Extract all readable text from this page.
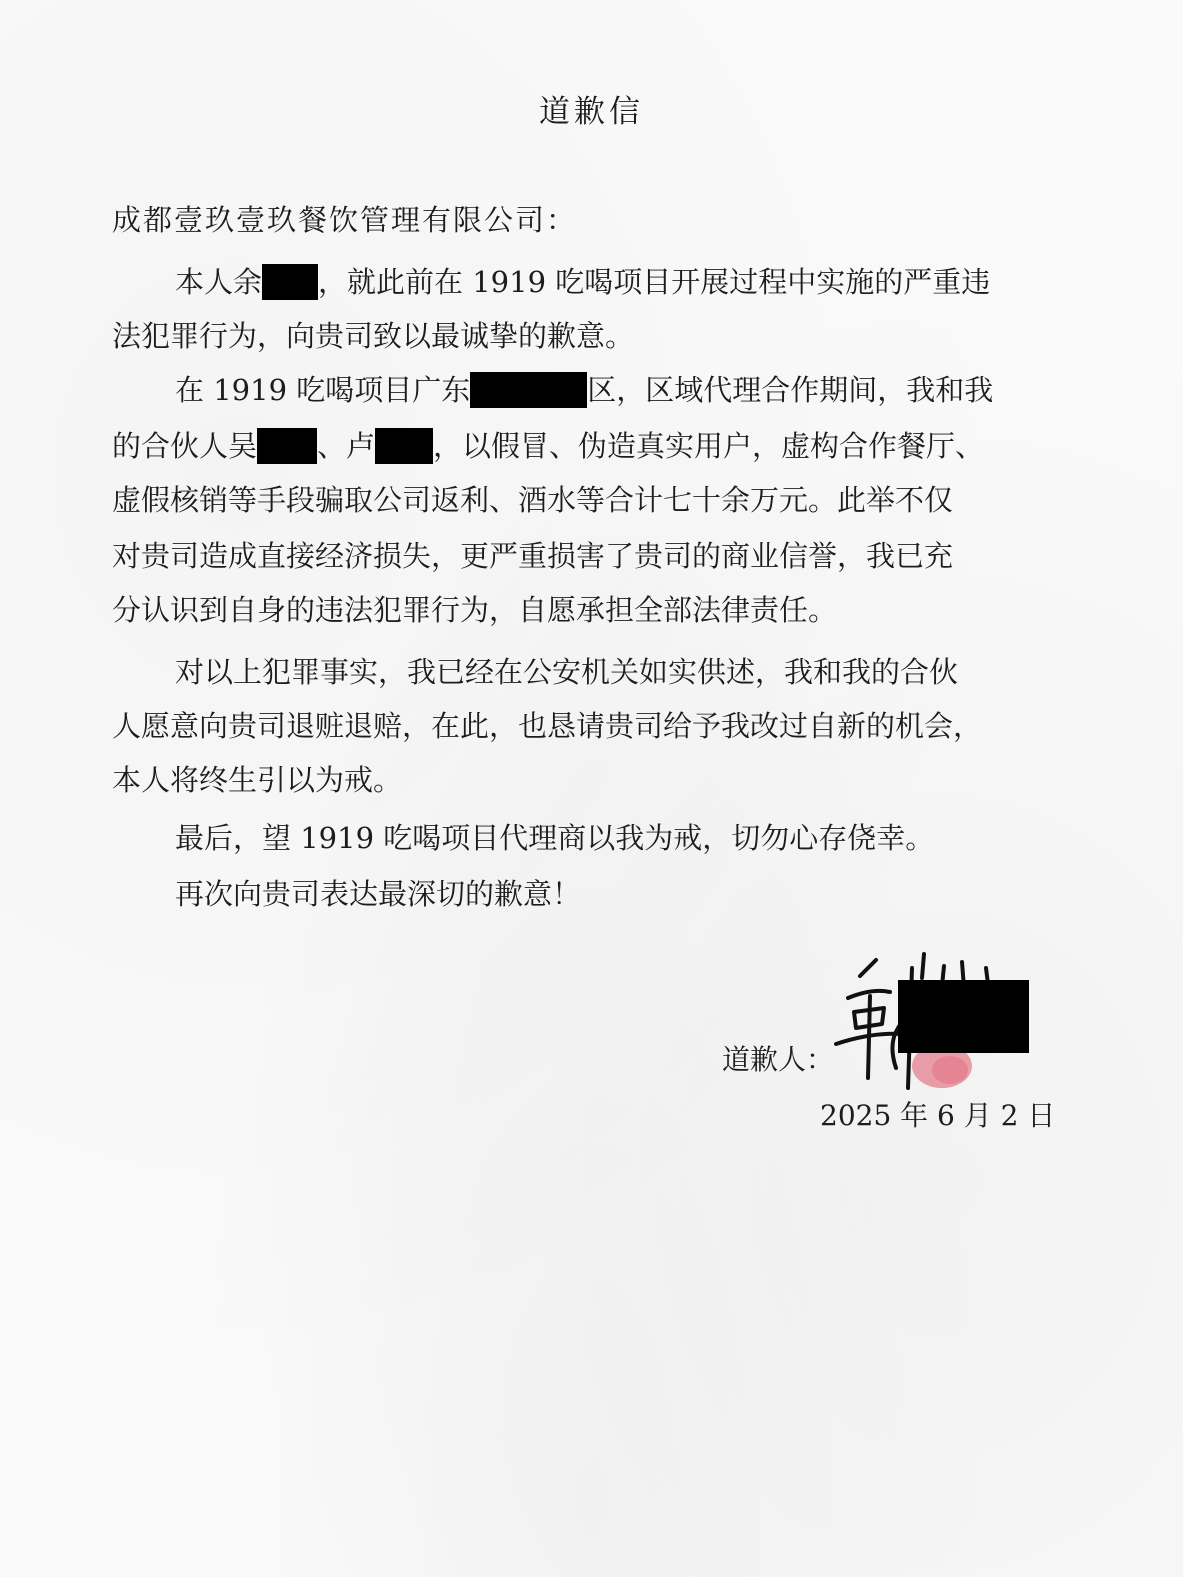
道歉信
成都壹玖壹玖餐饮管理有限公司：
本人余 ，就此前在 1919 吃喝项目开展过程中实施的严重违
法犯罪行为，向贵司致以最诚挚的歉意。
在 1919 吃喝项目广东	区，区域代理合作期间，我和我
的合伙人吴 、卢 ，以假冒、伪造真实用户，虚构合作餐厅、
虚假核销等手段骗取公司返利、酒水等合计七十余万元。此举不仅
对贵司造成直接经济损失，更严重损害了贵司的商业信誉，我已充
分认识到自身的违法犯罪行为，自愿承担全部法律责任。
对以上犯罪事实，我已经在公安机关如实供述，我和我的合伙
人愿意向贵司退赃退赔，在此，也恳请贵司给予我改过自新的机会，
本人将终生引以为戒。
最后，望 1919 吃喝项目代理商以我为戒，切勿心存侥幸。
再次向贵司表达最深切的歉意！
道歉人：
2025 年 6 月 2 日
